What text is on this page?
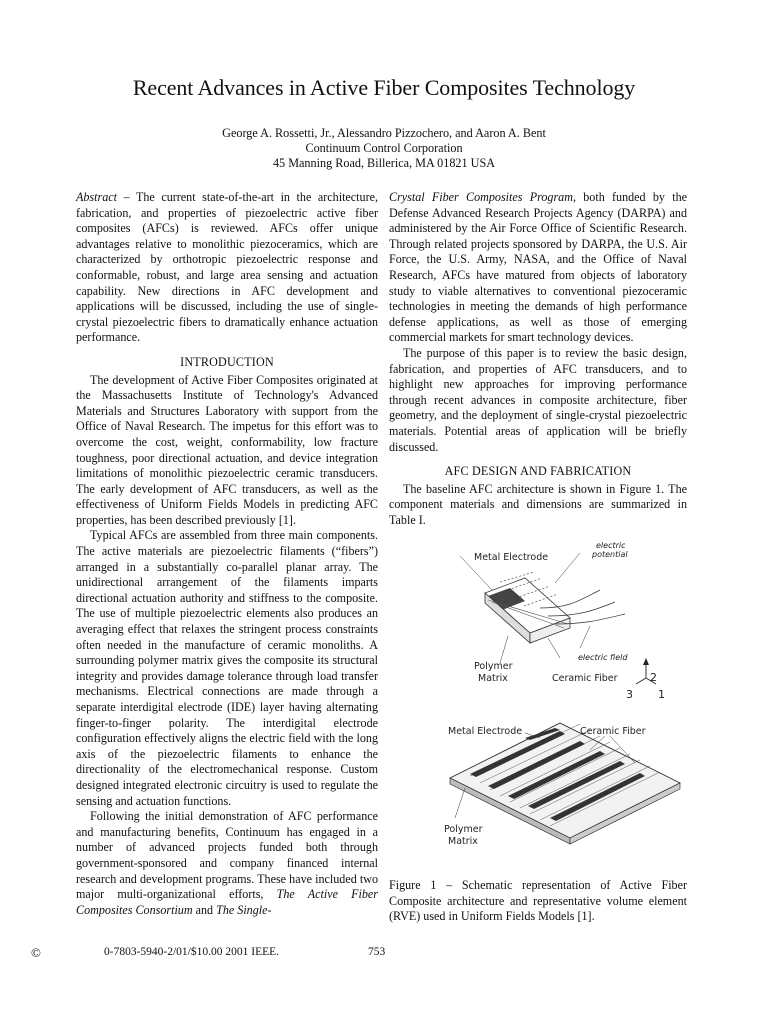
Recent Advances in Active Fiber Composites Technology
George A. Rossetti, Jr., Alessandro Pizzochero, and Aaron A. Bent
Continuum Control Corporation
45 Manning Road, Billerica, MA 01821 USA

Abstract – The current state-of-the-art in the architecture, fabrication, and properties of piezoelectric active fiber composites (AFCs) is reviewed. AFCs offer unique advantages relative to monolithic piezoceramics, which are characterized by orthotropic piezoelectric response and conformable, robust, and large area sensing and actuation capability. New directions in AFC development and applications will be discussed, including the use of single-crystal piezoelectric fibers to dramatically enhance actuation performance.

INTRODUCTION

The development of Active Fiber Composites originated at the Massachusetts Institute of Technology's Advanced Materials and Structures Laboratory with support from the Office of Naval Research. The impetus for this effort was to overcome the cost, weight, conformability, low fracture toughness, poor directional actuation, and device integration limitations of monolithic piezoelectric ceramic transducers. The early development of AFC transducers, as well as the effectiveness of Uniform Fields Models in predicting AFC properties, has been described previously [1].

Typical AFCs are assembled from three main components. The active materials are piezoelectric filaments (“fibers”) arranged in a substantially co-parallel planar array. The unidirectional arrangement of the filaments imparts directional actuation authority and stiffness to the composite. The use of multiple piezoelectric elements also produces an averaging effect that relaxes the stringent process constraints often needed in the manufacture of ceramic monoliths. A surrounding polymer matrix gives the composite its structural integrity and provides damage tolerance through load transfer mechanisms. Electrical connections are made through a separate interdigital electrode (IDE) layer having alternating finger-to-finger polarity. The interdigital electrode configuration effectively aligns the electric field with the long axis of the piezoelectric filaments to enhance the directionality of the electromechanical response. Custom designed integrated electronic circuitry is used to regulate the sensing and actuation functions.

Following the initial demonstration of AFC performance and manufacturing benefits, Continuum has engaged in a number of advanced projects funded both through government-sponsored and company financed internal research and development programs. These have included two major multi-organizational efforts, The Active Fiber Composites Consortium and The Single-

Crystal Fiber Composites Program, both funded by the Defense Advanced Research Projects Agency (DARPA) and administered by the Air Force Office of Scientific Research. Through related projects sponsored by DARPA, the U.S. Air Force, the U.S. Army, NASA, and the Office of Naval Research, AFCs have matured from objects of laboratory study to viable alternatives to conventional piezoceramic technologies in meeting the demands of high performance defense applications, as well as those of emerging commercial markets for smart technology devices.

The purpose of this paper is to review the basic design, fabrication, and properties of AFC transducers, and to highlight new approaches for improving performance through recent advances in composite architecture, fiber geometry, and the deployment of single-crystal piezoelectric materials. Potential areas of application will be briefly discussed.

AFC DESIGN AND FABRICATION

The baseline AFC architecture is shown in Figure 1. The component materials and dimensions are summarized in Table I.

Metal Electrode
electric
potential
electric field
Polymer
Matrix	Ceramic Fiber	2
3 1
Metal Electrode	Ceramic Fiber
Polymer
Matrix
Figure 1 – Schematic representation of Active Fiber Composite architecture and representative volume element (RVE) used in Uniform Fields Models [1].
©	0-7803-5940-2/01/$10.00 2001 IEEE.	753
